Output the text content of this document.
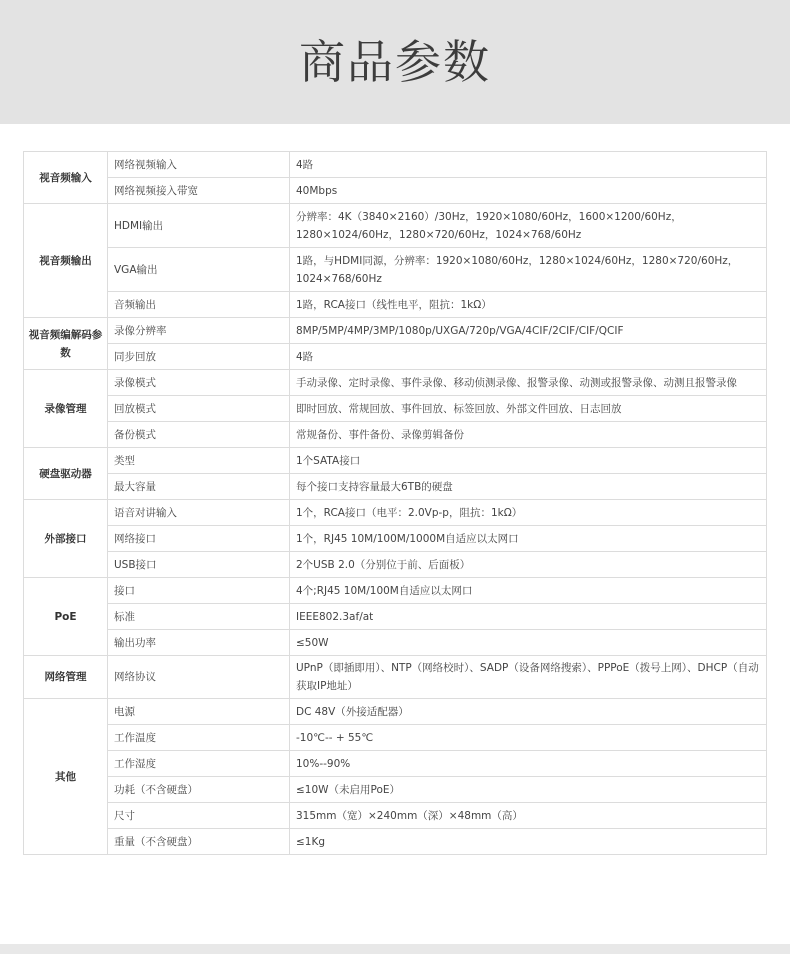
商品参数
视音频输入	网络视频输入	4路
	网络视频接入带宽	40Mbps
视音频输出	HDMI输出	分辨率：4K（3840×2160）/30Hz，1920×1080/60Hz，1600×1200/60Hz，1280×1024/60Hz，1280×720/60Hz，1024×768/60Hz
	VGA输出	1路，与HDMI同源，分辨率：1920×1080/60Hz，1280×1024/60Hz，1280×720/60Hz，1024×768/60Hz
	音频输出	1路，RCA接口（线性电平，阻抗：1kΩ）
视音频编解码参数	录像分辨率	8MP/5MP/4MP/3MP/1080p/UXGA/720p/VGA/4CIF/2CIF/CIF/QCIF
	同步回放	4路
录像管理	录像模式	手动录像、定时录像、事件录像、移动侦测录像、报警录像、动测或报警录像、动测且报警录像
	回放模式	即时回放、常规回放、事件回放、标签回放、外部文件回放、日志回放
	备份模式	常规备份、事件备份、录像剪辑备份
硬盘驱动器	类型	1个SATA接口
	最大容量	每个接口支持容量最大6TB的硬盘
外部接口	语音对讲输入	1个，RCA接口（电平：2.0Vp-p，阻抗：1kΩ）
	网络接口	1个，RJ45 10M/100M/1000M自适应以太网口
	USB接口	2个USB 2.0（分别位于前、后面板）
PoE	接口	4个;RJ45 10M/100M自适应以太网口
	标准	IEEE802.3af/at
	输出功率	≤50W
网络管理	网络协议	UPnP（即插即用）、NTP（网络校时）、SADP（设备网络搜索）、PPPoE（拨号上网）、DHCP（自动获取IP地址）
其他	电源	DC 48V（外接适配器）
	工作温度	-10℃-- + 55℃
	工作湿度	10%--90%
	功耗（不含硬盘）	≤10W（未启用PoE）
	尺寸	315mm（宽）×240mm（深）×48mm（高）
	重量（不含硬盘）	≤1Kg
